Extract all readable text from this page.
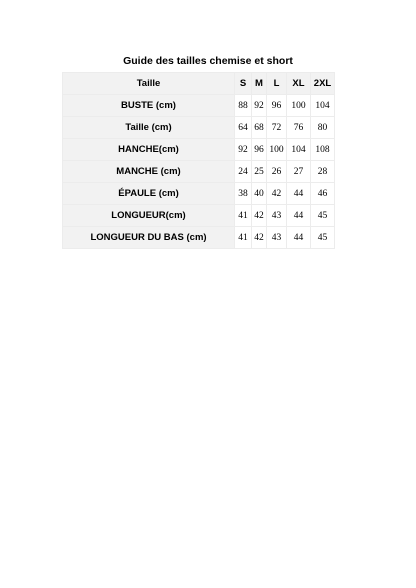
Guide des tailles chemise et short
Taille	S	M	L	XL	2XL
BUSTE (cm)	88	92	96	100	104
Taille (cm)	64	68	72	76	80
HANCHE(cm)	92	96	100	104	108
MANCHE (cm)	24	25	26	27	28
ÉPAULE (cm)	38	40	42	44	46
LONGUEUR(cm)	41	42	43	44	45
LONGUEUR DU BAS (cm)	41	42	43	44	45
